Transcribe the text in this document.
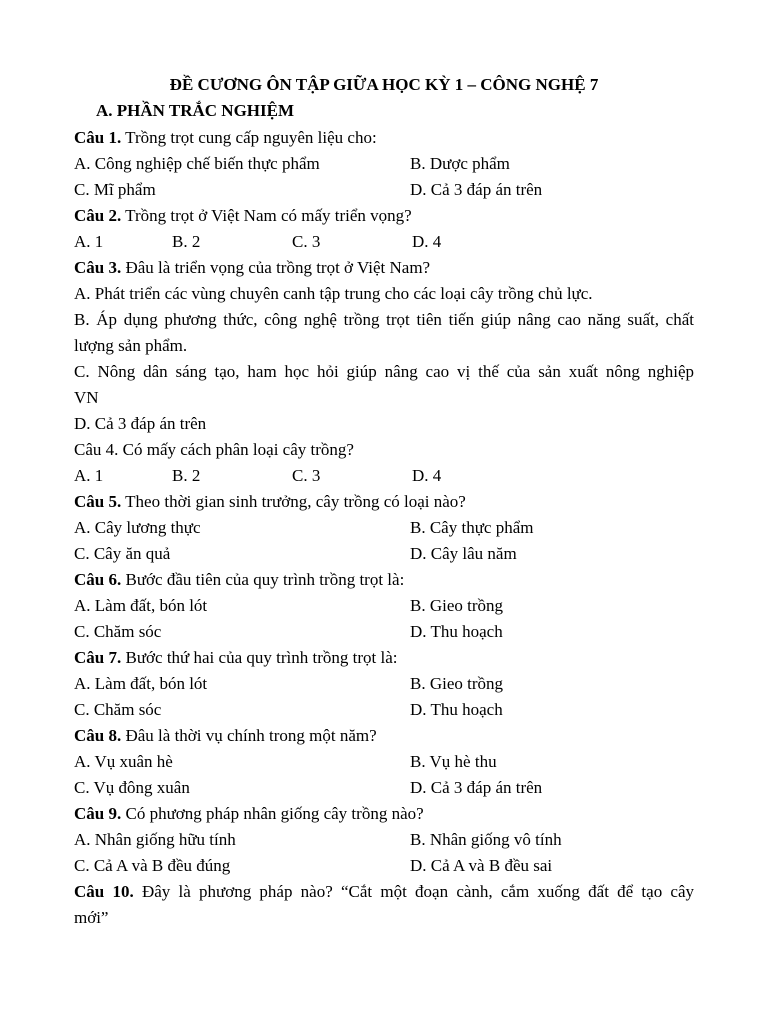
ĐỀ CƯƠNG ÔN TẬP GIỮA HỌC KỲ 1 – CÔNG NGHỆ 7
A. PHẦN TRẮC NGHIỆM
Câu 1. Trồng trọt cung cấp nguyên liệu cho:
A. Công nghiệp chế biến thực phẩm	B. Dược phẩm
C. Mĩ phẩm	D. Cả 3 đáp án trên
Câu 2. Trồng trọt ở Việt Nam có mấy triển vọng?
A. 1	B. 2	C. 3	D. 4
Câu 3. Đâu là triển vọng của trồng trọt ở Việt Nam?
A. Phát triển các vùng chuyên canh tập trung cho các loại cây trồng chủ lực.
B. Áp dụng phương thức, công nghệ trồng trọt tiên tiến giúp nâng cao năng suất, chất
lượng sản phẩm.
C. Nông dân sáng tạo, ham học hỏi giúp nâng cao vị thế của sản xuất nông nghiệp
VN
D. Cả 3 đáp án trên
Câu 4. Có mấy cách phân loại cây trồng?
A. 1	B. 2	C. 3	D. 4
Câu 5. Theo thời gian sinh trưởng, cây trồng có loại nào?
A. Cây lương thực	B. Cây thực phẩm
C. Cây ăn quả	D. Cây lâu năm
Câu 6. Bước đầu tiên của quy trình trồng trọt là:
A. Làm đất, bón lót	B. Gieo trồng
C. Chăm sóc	D. Thu hoạch
Câu 7. Bước thứ hai của quy trình trồng trọt là:
A. Làm đất, bón lót	B. Gieo trồng
C. Chăm sóc	D. Thu hoạch
Câu 8. Đâu là thời vụ chính trong một năm?
A. Vụ xuân hè	B. Vụ hè thu
C. Vụ đông xuân	D. Cả 3 đáp án trên
Câu 9. Có phương pháp nhân giống cây trồng nào?
A. Nhân giống hữu tính	B. Nhân giống vô tính
C. Cả A và B đều đúng	D. Cả A và B đều sai
Câu 10. Đây là phương pháp nào? “Cắt một đoạn cành, cắm xuống đất để tạo cây
mới”
